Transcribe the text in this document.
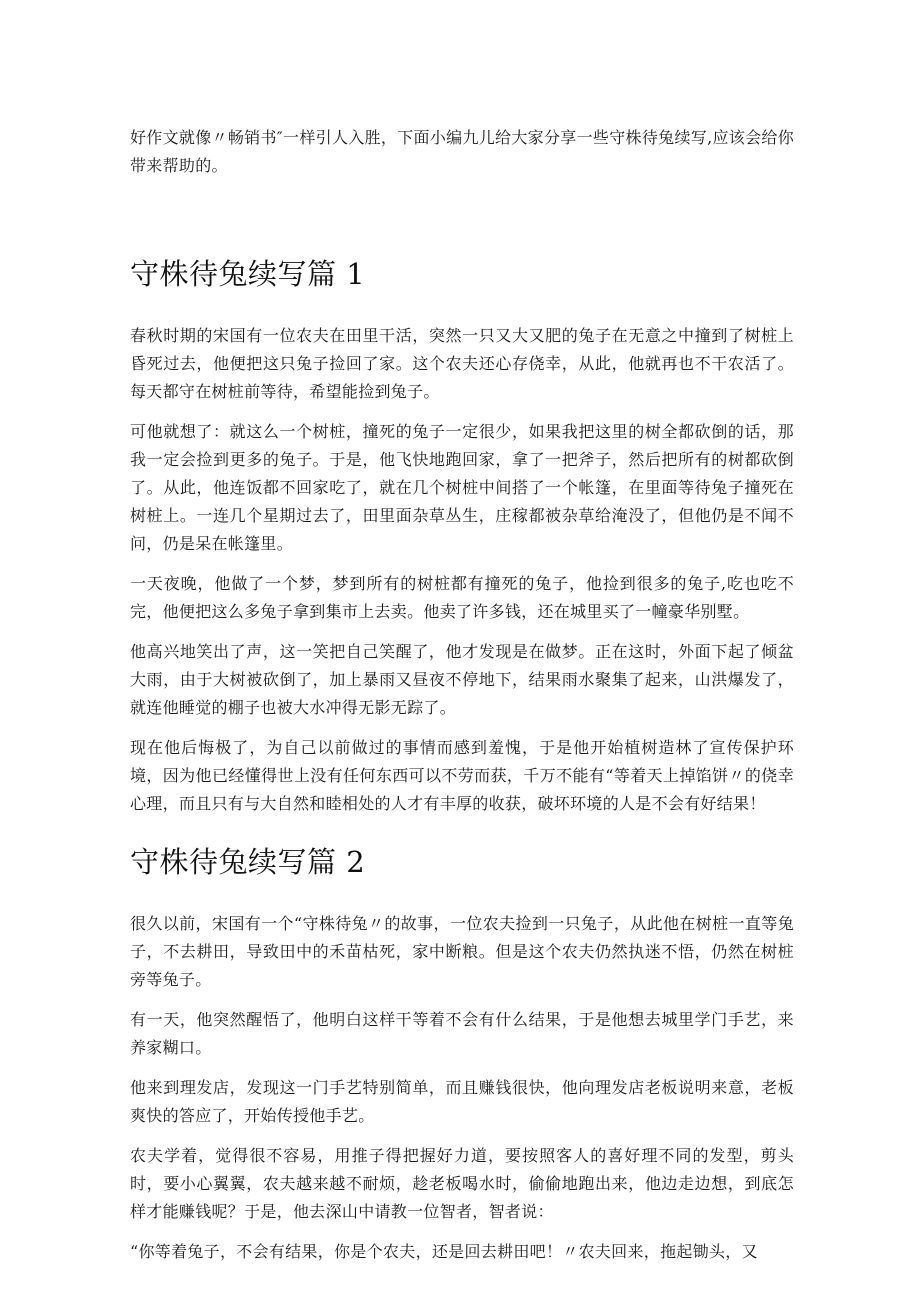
好作文就像〃畅销书″一样引人入胜，下面小编九儿给大家分享一些守株待兔续写,应该会给你带来帮助的。

守株待兔续写篇 1

春秋时期的宋国有一位农夫在田里干活，突然一只又大又肥的兔子在无意之中撞到了树桩上昏死过去，他便把这只兔子捡回了家。这个农夫还心存侥幸，从此，他就再也不干农活了。每天都守在树桩前等待，希望能捡到兔子。

可他就想了：就这么一个树桩，撞死的兔子一定很少，如果我把这里的树全都砍倒的话，那我一定会捡到更多的兔子。于是，他飞快地跑回家，拿了一把斧子，然后把所有的树都砍倒了。从此，他连饭都不回家吃了，就在几个树桩中间搭了一个帐篷，在里面等待兔子撞死在树桩上。一连几个星期过去了，田里面杂草丛生，庄稼都被杂草给淹没了，但他仍是不闻不问，仍是呆在帐篷里。

一天夜晚，他做了一个梦，梦到所有的树桩都有撞死的兔子，他捡到很多的兔子,吃也吃不完，他便把这么多兔子拿到集市上去卖。他卖了许多钱，还在城里买了一幢豪华别墅。

他高兴地笑出了声，这一笑把自己笑醒了，他才发现是在做梦。正在这时，外面下起了倾盆大雨，由于大树被砍倒了，加上暴雨又昼夜不停地下，结果雨水聚集了起来，山洪爆发了，就连他睡觉的棚子也被大水冲得无影无踪了。

现在他后悔极了，为自己以前做过的事情而感到羞愧，于是他开始植树造林了宣传保护环境，因为他已经懂得世上没有任何东西可以不劳而获，千万不能有“等着天上掉馅饼〃的侥幸心理，而且只有与大自然和睦相处的人才有丰厚的收获，破坏环境的人是不会有好结果！

守株待兔续写篇 2

很久以前，宋国有一个“守株待兔〃的故事，一位农夫捡到一只兔子，从此他在树桩一直等兔子，不去耕田，导致田中的禾苗枯死，家中断粮。但是这个农夫仍然执迷不悟，仍然在树桩旁等兔子。

有一天，他突然醒悟了，他明白这样干等着不会有什么结果，于是他想去城里学门手艺，来养家糊口。

他来到理发店，发现这一门手艺特别简单，而且赚钱很快，他向理发店老板说明来意，老板爽快的答应了，开始传授他手艺。

农夫学着，觉得很不容易，用推子得把握好力道，要按照客人的喜好理不同的发型，剪头时，要小心翼翼，农夫越来越不耐烦，趁老板喝水时，偷偷地跑出来，他边走边想，到底怎样才能赚钱呢？于是，他去深山中请教一位智者，智者说：

“你等着兔子，不会有结果，你是个农夫，还是回去耕田吧！〃农夫回来，拖起锄头，又
